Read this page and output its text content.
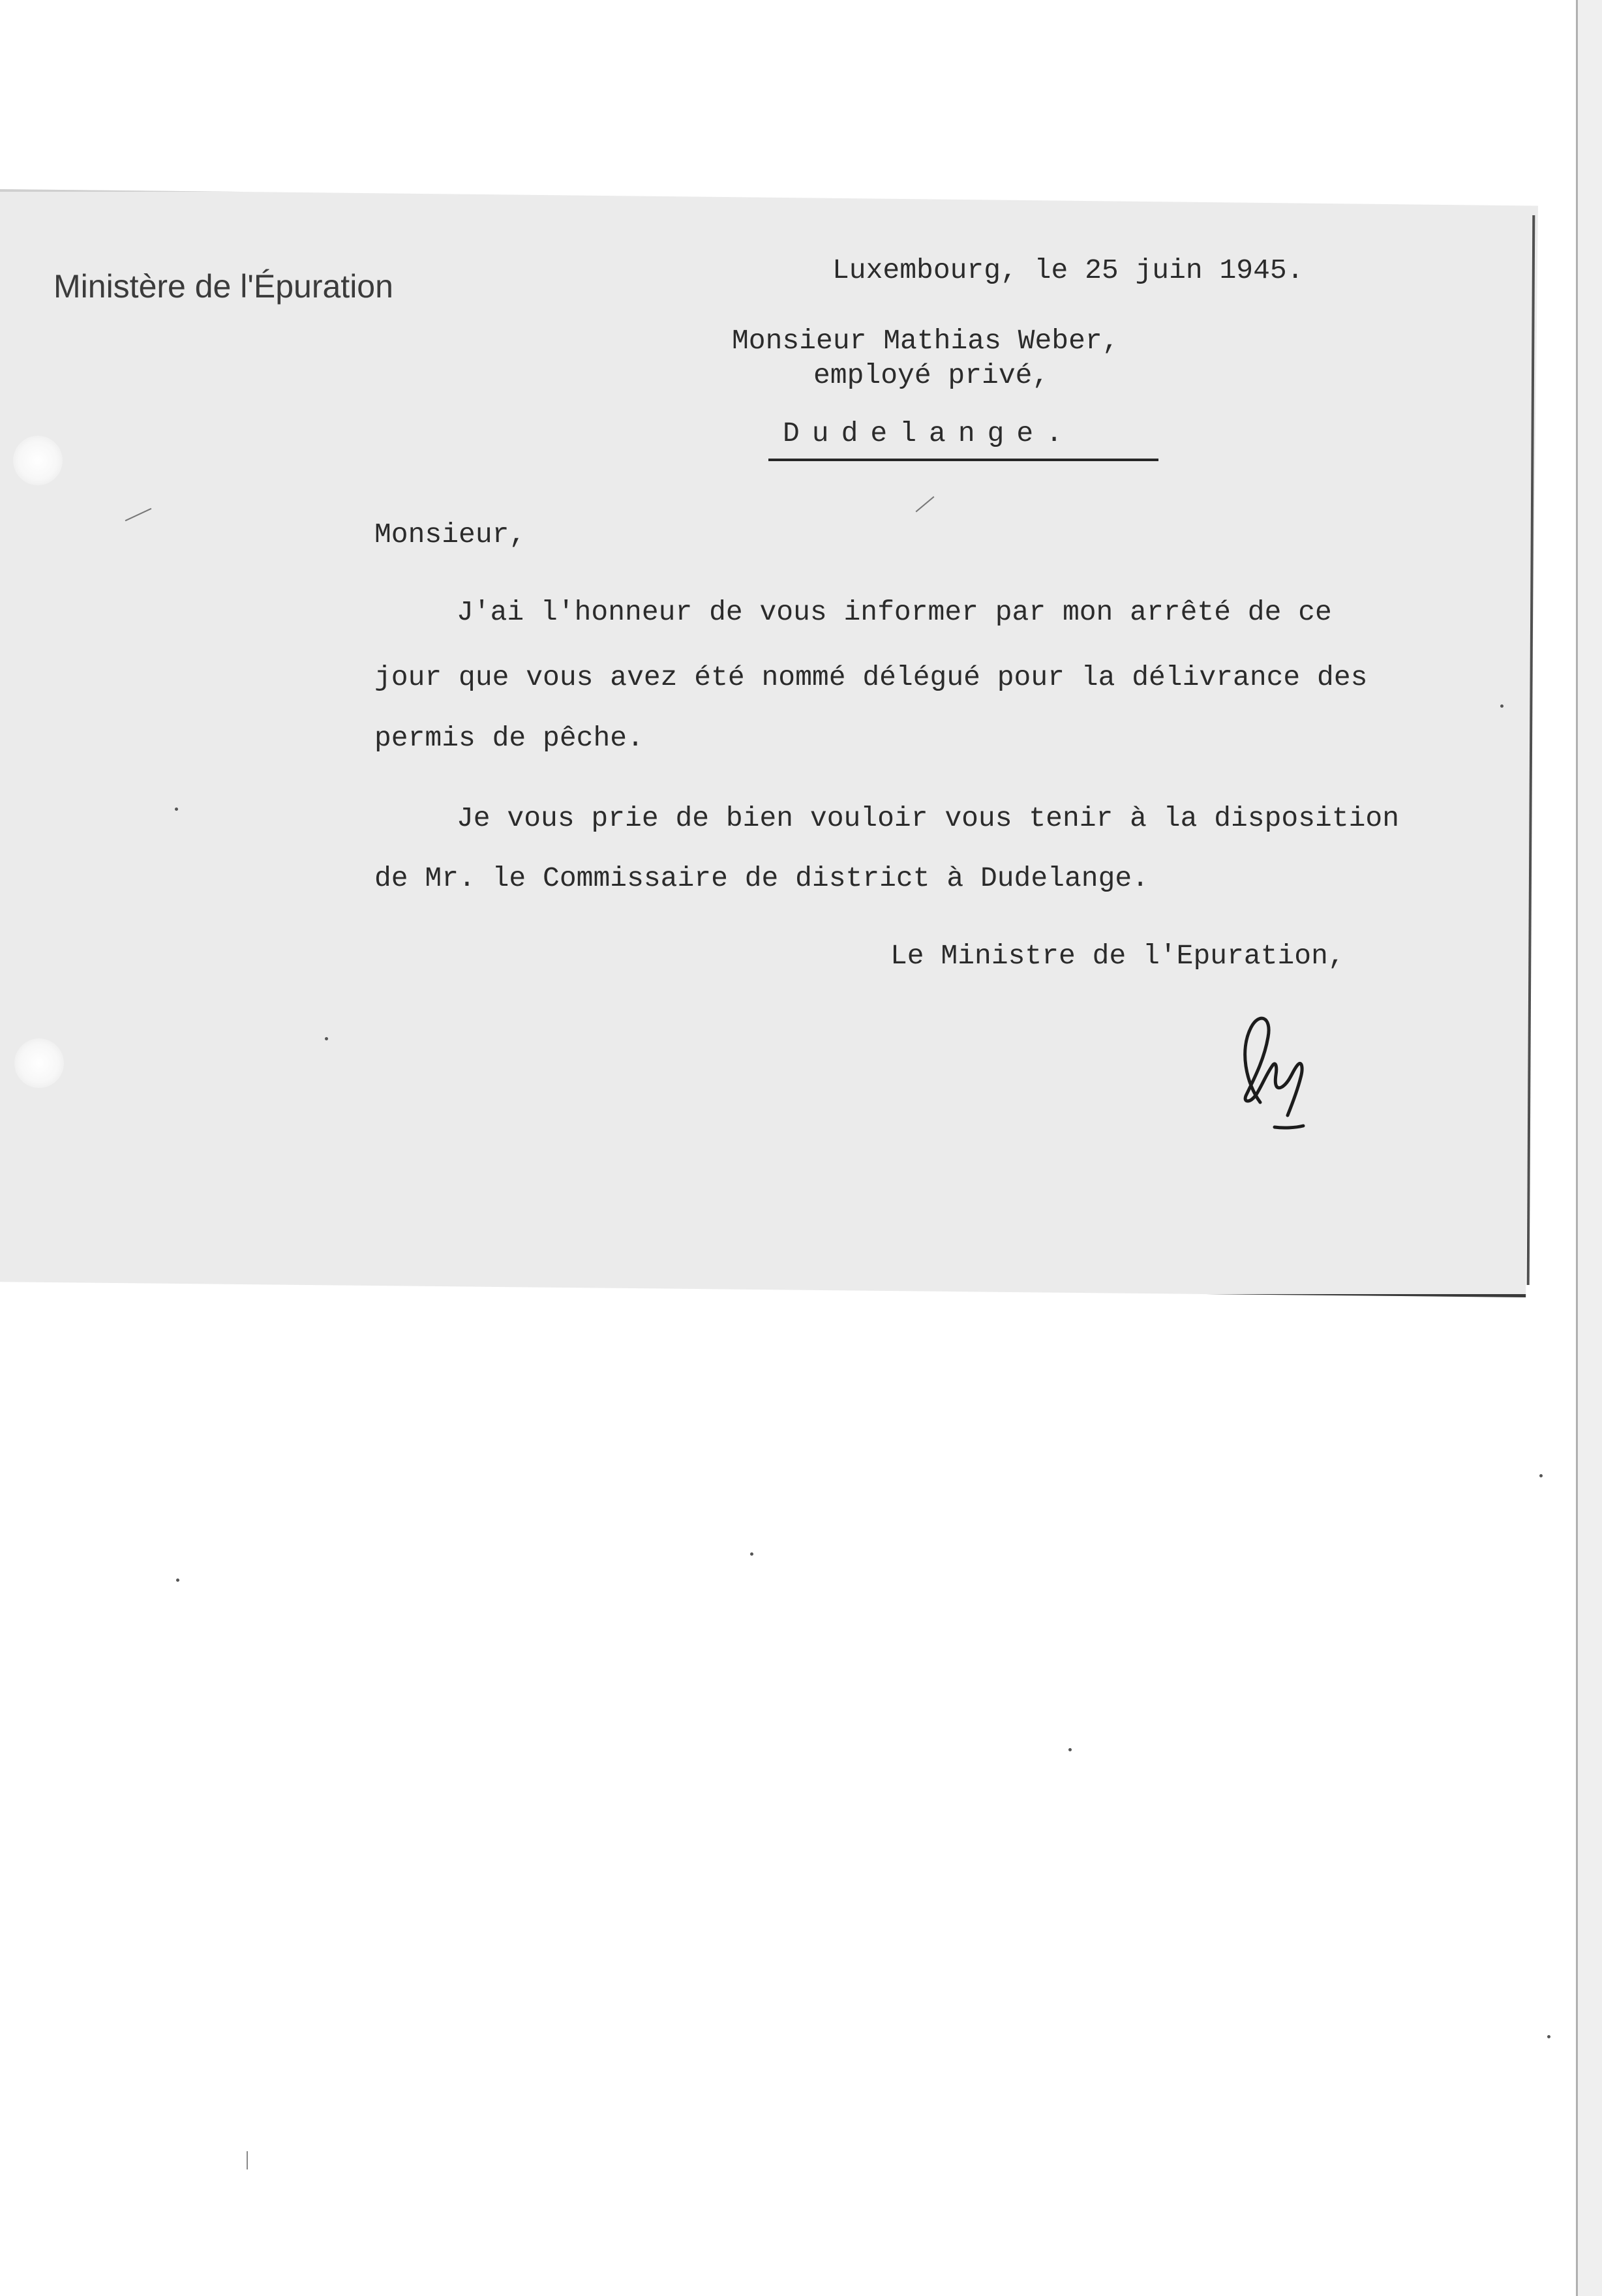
Ministère de l'Épuration	Luxembourg, le 25 juin 1945.
Monsieur Mathias Weber,
employé privé,
Dudelange.
Monsieur,
J'ai l'honneur de vous informer par mon arrêté de ce
jour que vous avez été nommé délégué pour la délivrance des
permis de pêche.
Je vous prie de bien vouloir vous tenir à la disposition
de Mr. le Commissaire de district à Dudelange.
Le Ministre de l'Epuration,
